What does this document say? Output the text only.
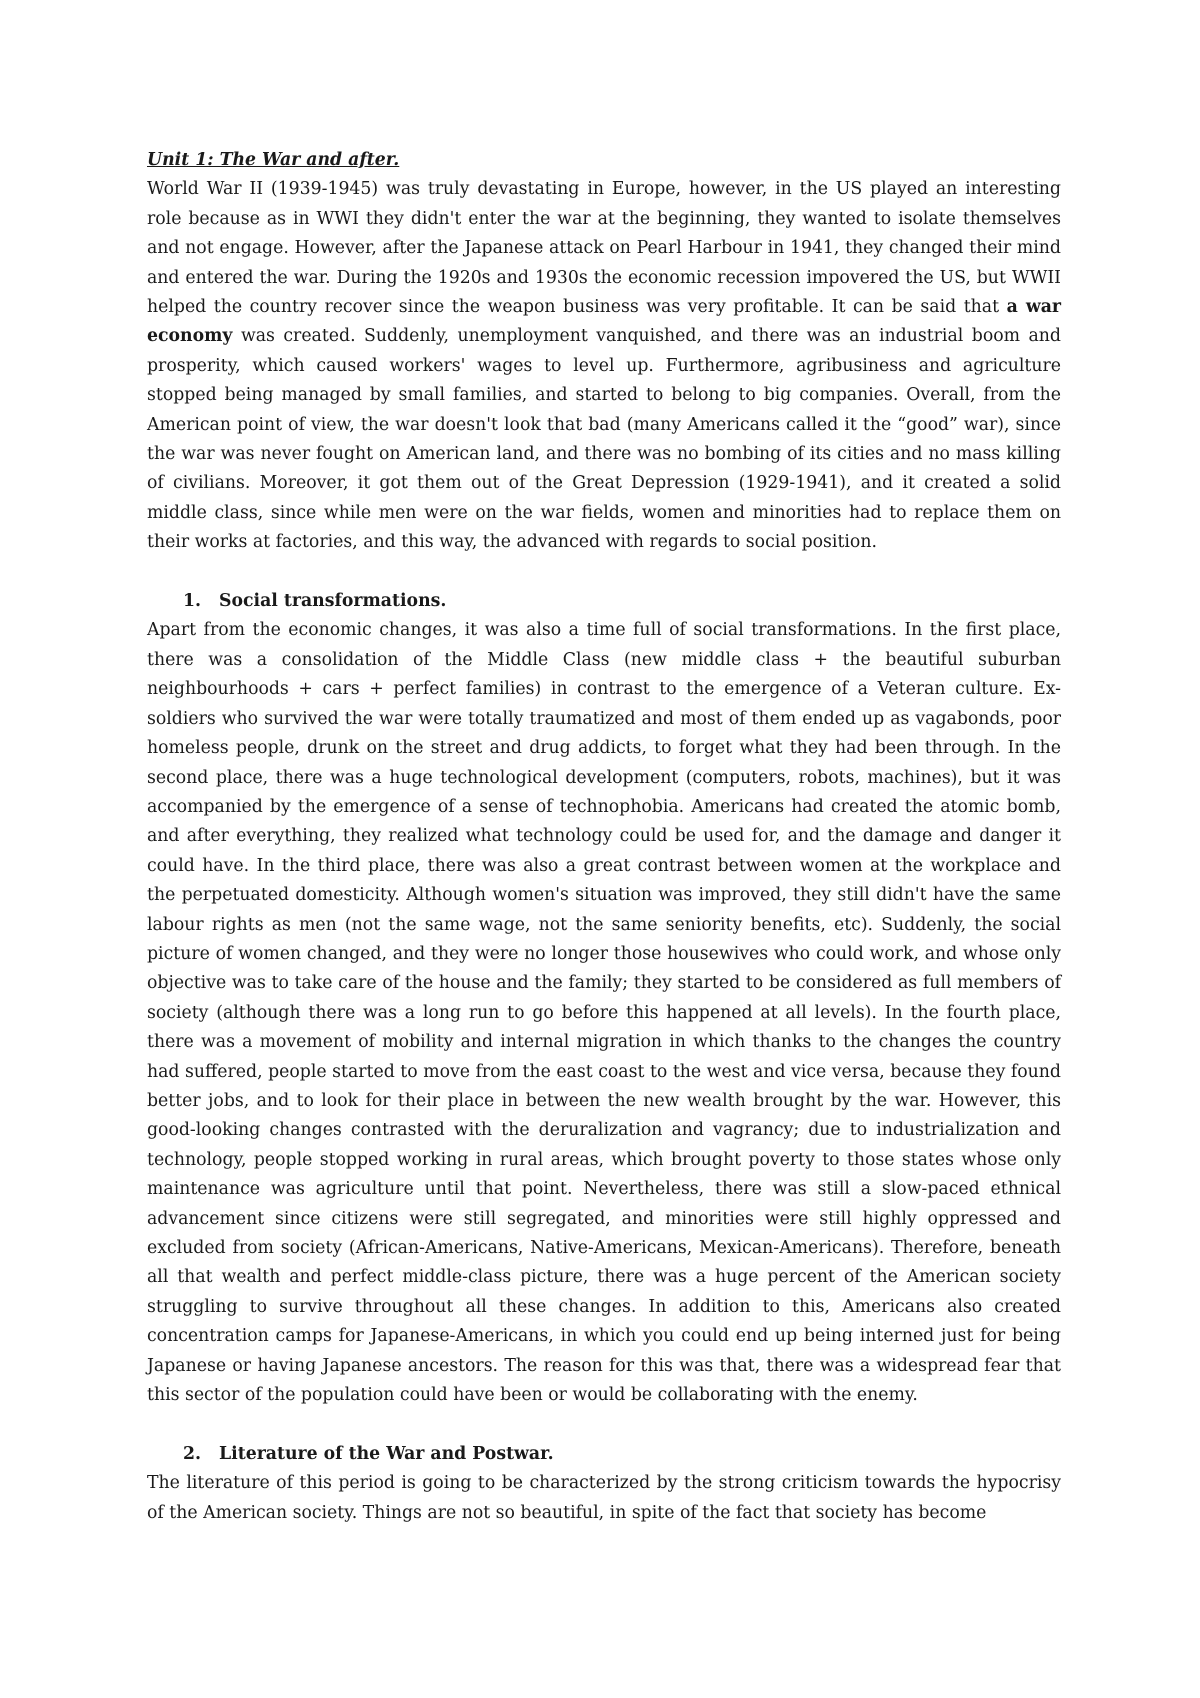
Unit 1: The War and after.

World War II (1939-1945) was truly devastating in Europe, however, in the US played an interesting role because as in WWI they didn't enter the war at the beginning, they wanted to isolate themselves and not engage. However, after the Japanese attack on Pearl Harbour in 1941, they changed their mind and entered the war. During the 1920s and 1930s the economic recession impovered the US, but WWII helped the country recover since the weapon business was very profitable. It can be said that a war economy was created. Suddenly, unemployment vanquished, and there was an industrial boom and prosperity, which caused workers' wages to level up. Furthermore, agribusiness and agriculture stopped being managed by small families, and started to belong to big companies. Overall, from the American point of view, the war doesn't look that bad (many Americans called it the “good” war), since the war was never fought on American land, and there was no bombing of its cities and no mass killing of civilians. Moreover, it got them out of the Great Depression (1929-1941), and it created a solid middle class, since while men were on the war fields, women and minorities had to replace them on their works at factories, and this way, the advanced with regards to social position.

1. Social transformations.

Apart from the economic changes, it was also a time full of social transformations. In the first place, there was a consolidation of the Middle Class (new middle class + the beautiful suburban neighbourhoods + cars + perfect families) in contrast to the emergence of a Veteran culture. Ex-soldiers who survived the war were totally traumatized and most of them ended up as vagabonds, poor homeless people, drunk on the street and drug addicts, to forget what they had been through. In the second place, there was a huge technological development (computers, robots, machines), but it was accompanied by the emergence of a sense of technophobia. Americans had created the atomic bomb, and after everything, they realized what technology could be used for, and the damage and danger it could have. In the third place, there was also a great contrast between women at the workplace and the perpetuated domesticity. Although women's situation was improved, they still didn't have the same labour rights as men (not the same wage, not the same seniority benefits, etc). Suddenly, the social picture of women changed, and they were no longer those housewives who could work, and whose only objective was to take care of the house and the family; they started to be considered as full members of society (although there was a long run to go before this happened at all levels). In the fourth place, there was a movement of mobility and internal migration in which thanks to the changes the country had suffered, people started to move from the east coast to the west and vice versa, because they found better jobs, and to look for their place in between the new wealth brought by the war. However, this good-looking changes contrasted with the deruralization and vagrancy; due to industrialization and technology, people stopped working in rural areas, which brought poverty to those states whose only maintenance was agriculture until that point. Nevertheless, there was still a slow-paced ethnical advancement since citizens were still segregated, and minorities were still highly oppressed and excluded from society (African-Americans, Native-Americans, Mexican-Americans). Therefore, beneath all that wealth and perfect middle-class picture, there was a huge percent of the American society struggling to survive throughout all these changes. In addition to this, Americans also created concentration camps for Japanese-Americans, in which you could end up being interned just for being Japanese or having Japanese ancestors. The reason for this was that, there was a widespread fear that this sector of the population could have been or would be collaborating with the enemy.

2. Literature of the War and Postwar.

The literature of this period is going to be characterized by the strong criticism towards the hypocrisy of the American society. Things are not so beautiful, in spite of the fact that society has become
